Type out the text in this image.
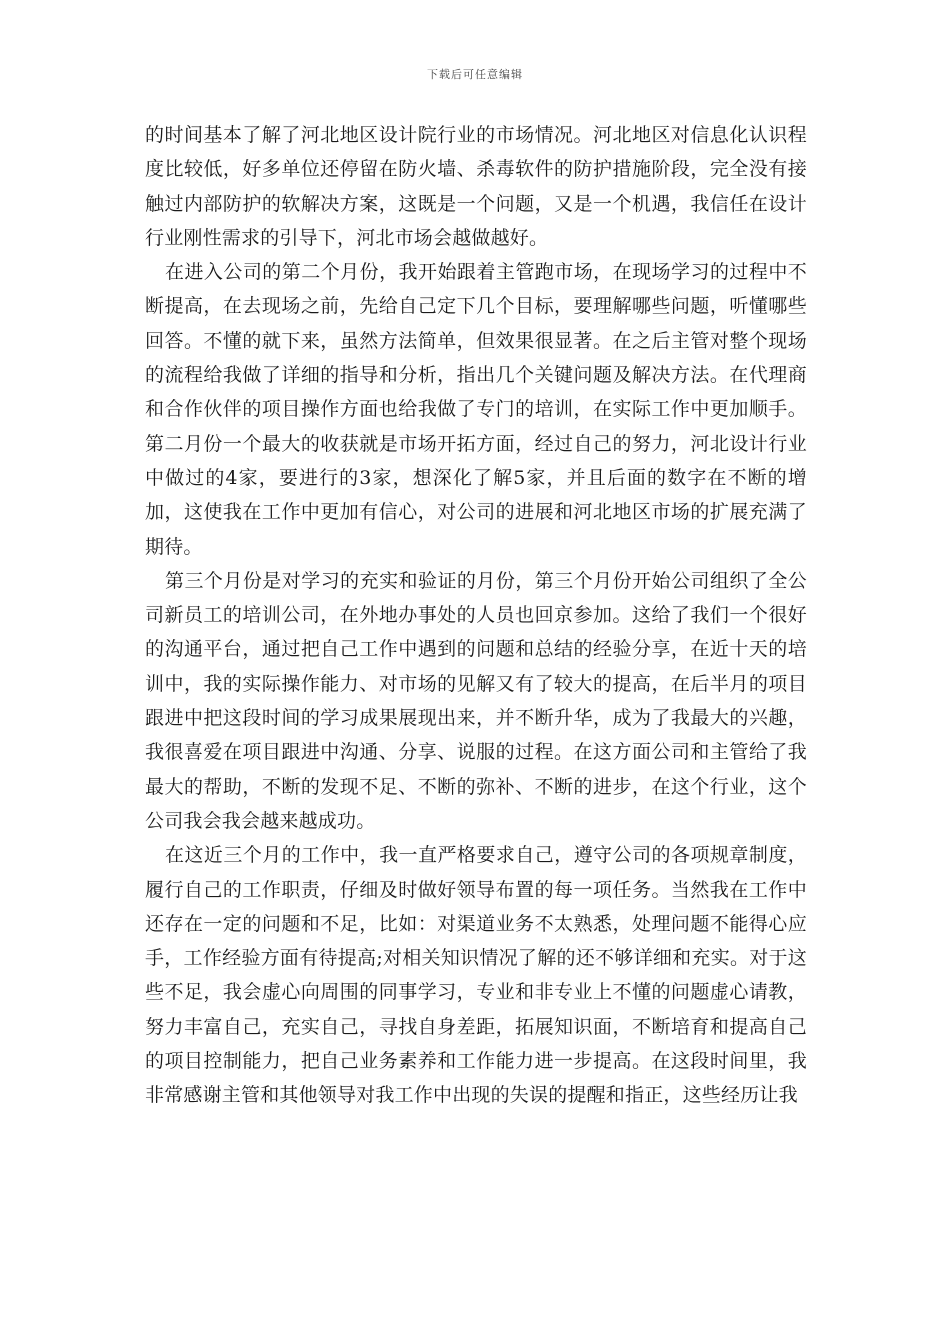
下载后可任意编辑

的时间基本了解了河北地区设计院行业的市场情况。河北地区对信息化认识程度比较低，好多单位还停留在防火墙、杀毒软件的防护措施阶段，完全没有接触过内部防护的软解决方案，这既是一个问题，又是一个机遇，我信任在设计行业刚性需求的引导下，河北市场会越做越好。

在进入公司的第二个月份，我开始跟着主管跑市场，在现场学习的过程中不断提高，在去现场之前，先给自己定下几个目标，要理解哪些问题，听懂哪些回答。不懂的就下来，虽然方法简单，但效果很显著。在之后主管对整个现场的流程给我做了详细的指导和分析，指出几个关键问题及解决方法。在代理商和合作伙伴的项目操作方面也给我做了专门的培训，在实际工作中更加顺手。第二月份一个最大的收获就是市场开拓方面，经过自己的努力，河北设计行业中做过的4家，要进行的3家，想深化了解5家，并且后面的数字在不断的增加，这使我在工作中更加有信心，对公司的进展和河北地区市场的扩展充满了期待。

第三个月份是对学习的充实和验证的月份，第三个月份开始公司组织了全公司新员工的培训公司，在外地办事处的人员也回京参加。这给了我们一个很好的沟通平台，通过把自己工作中遇到的问题和总结的经验分享，在近十天的培训中，我的实际操作能力、对市场的见解又有了较大的提高，在后半月的项目跟进中把这段时间的学习成果展现出来，并不断升华，成为了我最大的兴趣，我很喜爱在项目跟进中沟通、分享、说服的过程。在这方面公司和主管给了我最大的帮助，不断的发现不足、不断的弥补、不断的进步，在这个行业，这个公司我会我会越来越成功。

在这近三个月的工作中，我一直严格要求自己，遵守公司的各项规章制度，履行自己的工作职责，仔细及时做好领导布置的每一项任务。当然我在工作中还存在一定的问题和不足，比如：对渠道业务不太熟悉，处理问题不能得心应手，工作经验方面有待提高;对相关知识情况了解的还不够详细和充实。对于这些不足，我会虚心向周围的同事学习，专业和非专业上不懂的问题虚心请教，努力丰富自己，充实自己，寻找自身差距，拓展知识面，不断培育和提高自己的项目控制能力，把自己业务素养和工作能力进一步提高。在这段时间里，我非常感谢主管和其他领导对我工作中出现的失误的提醒和指正，这些经历让我
